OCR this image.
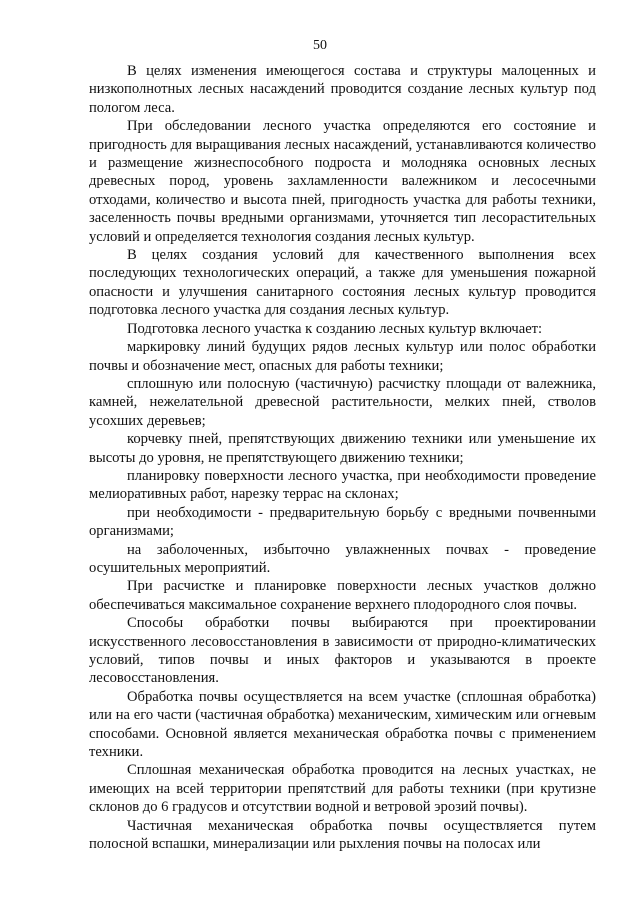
50

В целях изменения имеющегося состава и структуры малоценных и низкополнотных лесных насаждений проводится создание лесных культур под пологом леса.

При обследовании лесного участка определяются его состояние и пригодность для выращивания лесных насаждений, устанавливаются количество и размещение жизнеспособного подроста и молодняка основных лесных древесных пород, уровень захламленности валежником и лесосечными отходами, количество и высота пней, пригодность участка для работы техники, заселенность почвы вредными организмами, уточняется тип лесорастительных условий и определяется технология создания лесных культур.

В целях создания условий для качественного выполнения всех последующих технологических операций, а также для уменьшения пожарной опасности и улучшения санитарного состояния лесных культур проводится подготовка лесного участка для создания лесных культур.

Подготовка лесного участка к созданию лесных культур включает:

маркировку линий будущих рядов лесных культур или полос обработки почвы и обозначение мест, опасных для работы техники;

сплошную или полосную (частичную) расчистку площади от валежника, камней, нежелательной древесной растительности, мелких пней, стволов усохших деревьев;

корчевку пней, препятствующих движению техники или уменьшение их высоты до уровня, не препятствующего движению техники;

планировку поверхности лесного участка, при необходимости проведение мелиоративных работ, нарезку террас на склонах;

при необходимости - предварительную борьбу с вредными почвенными организмами;

на заболоченных, избыточно увлажненных почвах - проведение осушительных мероприятий.

При расчистке и планировке поверхности лесных участков должно обеспечиваться максимальное сохранение верхнего плодородного слоя почвы.

Способы обработки почвы выбираются при проектировании искусственного лесовосстановления в зависимости от природно-климатических условий, типов почвы и иных факторов и указываются в проекте лесовосстановления.

Обработка почвы осуществляется на всем участке (сплошная обработка) или на его части (частичная обработка) механическим, химическим или огневым способами. Основной является механическая обработка почвы с применением техники.

Сплошная механическая обработка проводится на лесных участках, не имеющих на всей территории препятствий для работы техники (при крутизне склонов до 6 градусов и отсутствии водной и ветровой эрозий почвы).

Частичная механическая обработка почвы осуществляется путем полосной вспашки, минерализации или рыхления почвы на полосах или
